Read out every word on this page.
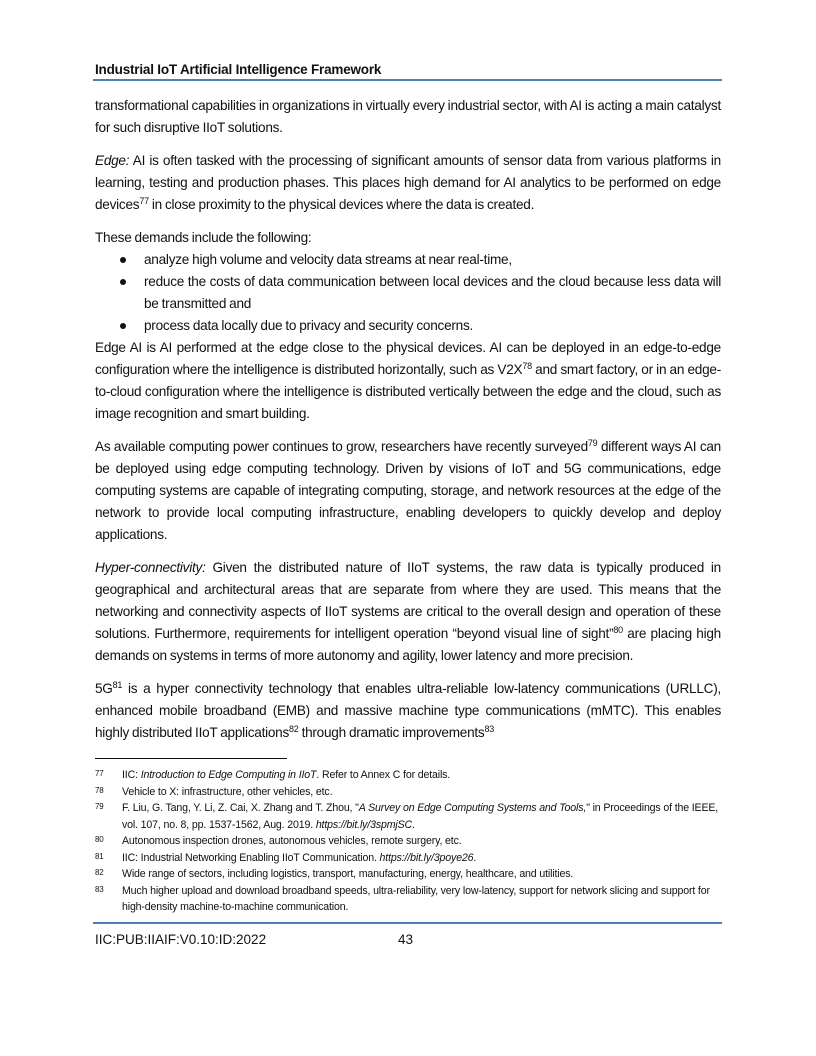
Industrial IoT Artificial Intelligence Framework
transformational capabilities in organizations in virtually every industrial sector, with AI is acting a main catalyst for such disruptive IIoT solutions.
Edge: AI is often tasked with the processing of significant amounts of sensor data from various platforms in learning, testing and production phases. This places high demand for AI analytics to be performed on edge devices$^{77}$ in close proximity to the physical devices where the data is created.
These demands include the following:
analyze high volume and velocity data streams at near real-time,
reduce the costs of data communication between local devices and the cloud because less data will be transmitted and
process data locally due to privacy and security concerns.
Edge AI is AI performed at the edge close to the physical devices. AI can be deployed in an edge-to-edge configuration where the intelligence is distributed horizontally, such as $V2X^{78}$ and smart factory, or in an edge-to-cloud configuration where the intelligence is distributed vertically between the edge and the cloud, such as image recognition and smart building.
As available computing power continues to grow, researchers have recently surveyed$^{79}$ different ways AI can be deployed using edge computing technology. Driven by visions of IoT and 5G communications, edge computing systems are capable of integrating computing, storage, and network resources at the edge of the network to provide local computing infrastructure, enabling developers to quickly develop and deploy applications.
Hyper-connectivity: Given the distributed nature of IIoT systems, the raw data is typically produced in geographical and architectural areas that are separate from where they are used. This means that the networking and connectivity aspects of IIoT systems are critical to the overall design and operation of these solutions. Furthermore, requirements for intelligent operation “beyond visual line of sight”$^{80}$ are placing high demands on systems in terms of more autonomy and agility, lower latency and more precision.
$5G^{81}$ is a hyper connectivity technology that enables ultra-reliable low-latency communications (URLLC), enhanced mobile broadband (EMB) and massive machine type communications (mMTC). This enables highly distributed IIoT applications$^{82}$ through dramatic improvements$^{83}$
77	IIC: Introduction to Edge Computing in IIoT. Refer to Annex C for details.
78	Vehicle to X: infrastructure, other vehicles, etc.
79	F. Liu, G. Tang, Y. Li, Z. Cai, X. Zhang and T. Zhou, "A Survey on Edge Computing Systems and Tools," in Proceedings of the IEEE, vol. 107, no. 8, pp. 1537-1562, Aug. 2019. https://bit.ly/3spmjSC.
80	Autonomous inspection drones, autonomous vehicles, remote surgery, etc.
81	IIC: Industrial Networking Enabling IIoT Communication. https://bit.ly/3poye26.
82	Wide range of sectors, including logistics, transport, manufacturing, energy, healthcare, and utilities.
83	Much higher upload and download broadband speeds, ultra-reliability, very low-latency, support for network slicing and support for high-density machine-to-machine communication.
IIC:PUB:IIAIF:V0.10:ID:2022	43
